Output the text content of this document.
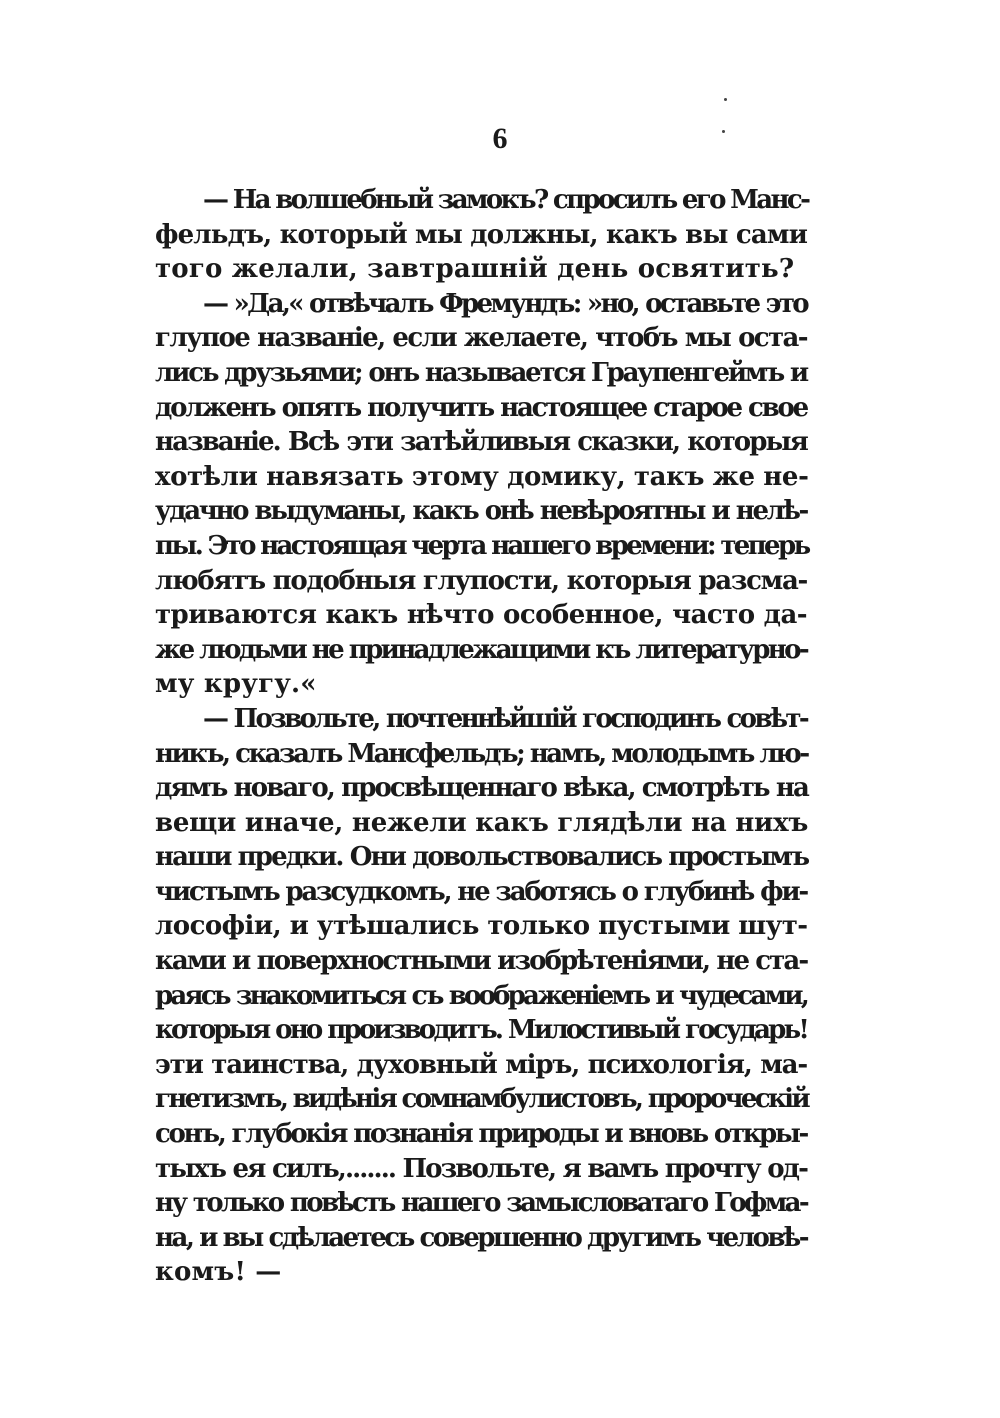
6
— На волшебный замокъ? спросилъ его Манс-
фельдъ, который мы должны, какъ вы сами
того желали, завтрашній день освятить?
— »Да,« отвѣчалъ Фремундъ: »но, оставьте это
глупое названіе, если желаете, чтобъ мы оста-
лись друзьями; онъ называется Граупенгеймъ и
долженъ опять получить настоящее старое свое
названіе. Всѣ эти затѣйливыя сказки, которыя
хотѣли навязать этому домику, такъ же не-
удачно выдуманы, какъ онѣ невѣроятны и нелѣ-
пы. Это настоящая черта нашего времени: теперь
любятъ подобныя глупости, которыя разсма-
триваются какъ нѣчто особенное, часто да-
же людьми не принадлежащими къ литературно-
му кругу.«
— Позвольте, почтеннѣйшій господинъ совѣт-
никъ, сказалъ Мансфельдъ; намъ, молодымъ лю-
дямъ новаго, просвѣщеннаго вѣка, смотрѣть на
вещи иначе, нежели какъ глядѣли на нихъ
наши предки. Они довольствовались простымъ
чистымъ разсудкомъ, не заботясь о глубинѣ фи-
лософіи, и утѣшались только пустыми шут-
ками и поверхностными изобрѣтеніями, не ста-
раясь знакомиться съ воображеніемъ и чудесами,
которыя оно производитъ. Милостивый государь!
эти таинства, духовный міръ, психологія, ма-
гнетизмъ, видѣнія сомнамбулистовъ, пророческій
сонъ, глубокія познанія природы и вновь откры-
тыхъ ея силъ,....... Позвольте, я вамъ прочту од-
ну только повѣсть нашего замысловатаго Гофма-
на, и вы сдѣлаетесь совершенно другимъ человѣ-
комъ! —
